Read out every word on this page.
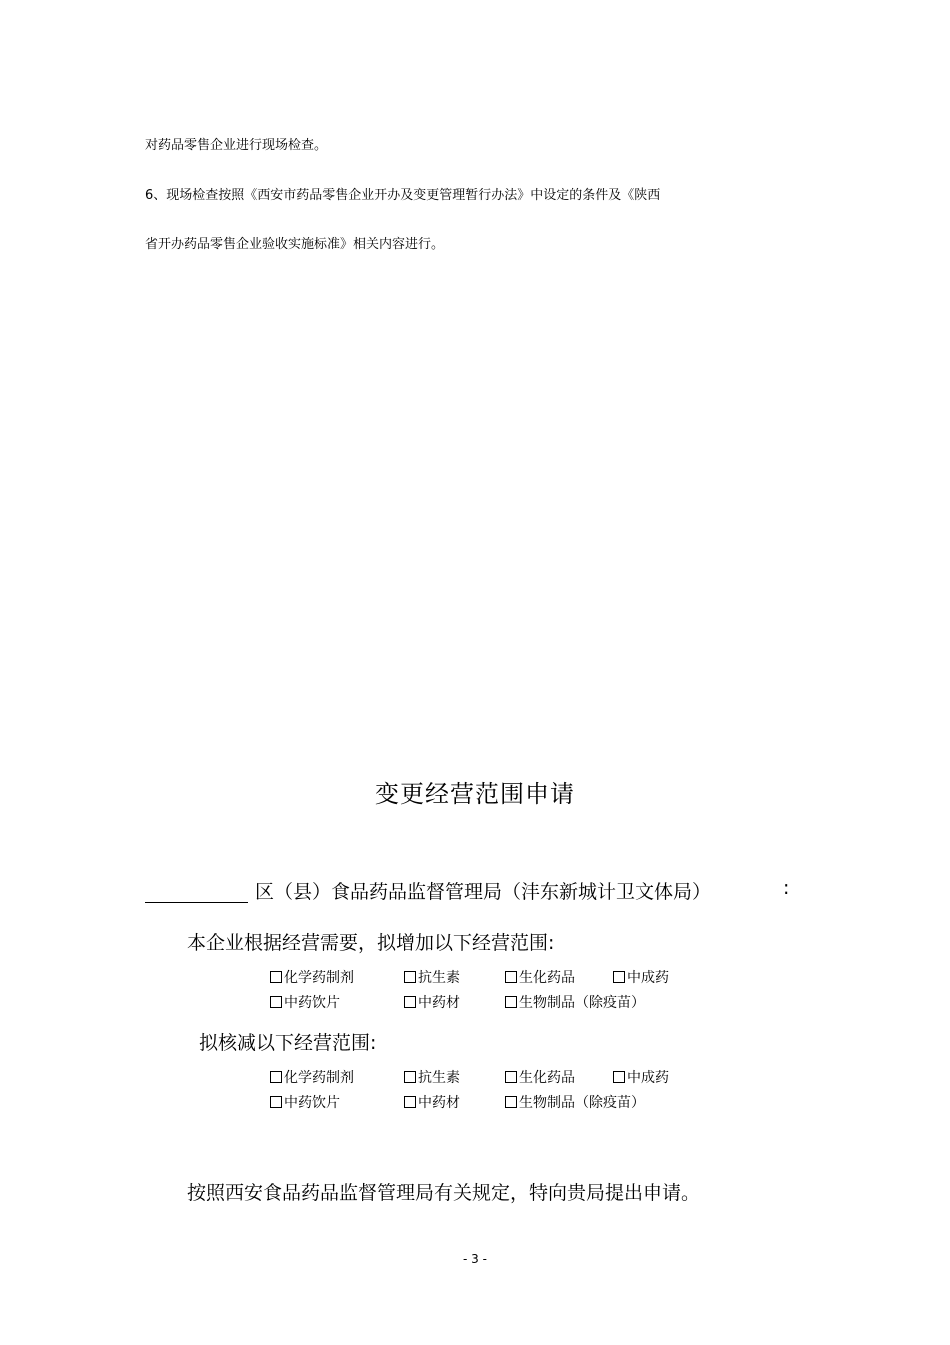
对药品零售企业进行现场检查。
6、现场检查按照《西安市药品零售企业开办及变更管理暂行办法》中设定的条件及《陕西
省开办药品零售企业验收实施标准》相关内容进行。
变更经营范围申请
区（县）食品药品监督管理局（沣东新城计卫文体局）	:
本企业根据经营需要，拟增加以下经营范围:
化学药制剂	抗生素	生化药品	中成药
中药饮片	中药材	生物制品（除疫苗）
拟核减以下经营范围:
化学药制剂	抗生素	生化药品	中成药
中药饮片	中药材	生物制品（除疫苗）
按照西安食品药品监督管理局有关规定，特向贵局提出申请。
- 3 -
